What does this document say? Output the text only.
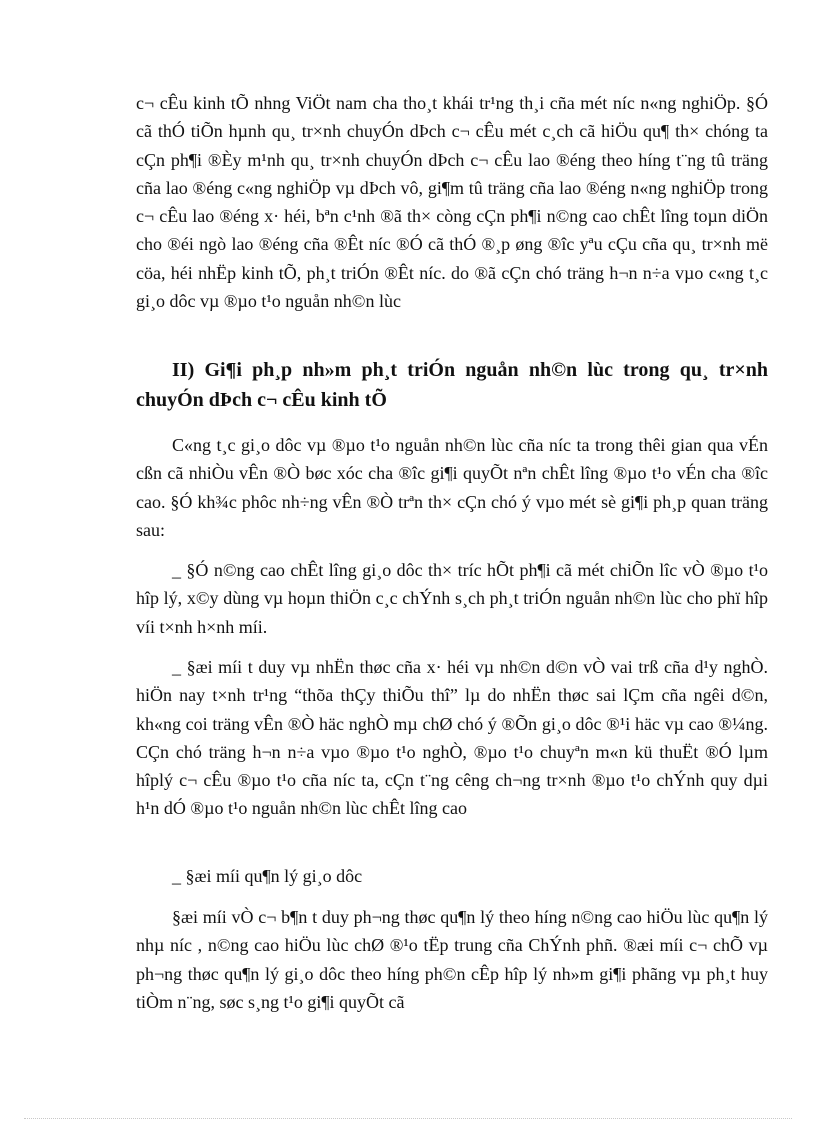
c¬ cÊu kinh tÕ nhng ViÖt nam cha tho¸t khái tr¹ng th¸i cña mét níc n«ng nghiÖp. §Ó cã thÓ tiÕn hµnh qu¸ tr×nh chuyÓn dÞch c¬ cÊu mét c¸ch cã hiÖu qu¶ th× chóng ta cÇn ph¶i ®Èy m¹nh qu¸ tr×nh chuyÓn dÞch c¬ cÊu lao ®éng theo híng t¨ng tû träng cña lao ®éng c«ng nghiÖp vµ dÞch vô, gi¶m tû träng cña lao ®éng n«ng nghiÖp trong c¬ cÊu lao ®éng x· héi, bªn c¹nh ®ã th× còng cÇn ph¶i n©ng cao chÊt lîng toµn diÖn cho ®éi ngò lao ®éng cña ®Êt níc ®Ó cã thÓ ®¸p øng ®îc yªu cÇu cña qu¸ tr×nh më cöa, héi nhËp kinh tÕ, ph¸t triÓn ®Êt níc. do ®ã cÇn chó träng h¬n n÷a vµo c«ng t¸c gi¸o dôc vµ ®µo t¹o nguån nh©n lùc

II) Gi¶i ph¸p nh»m ph¸t triÓn nguån nh©n lùc trong qu¸ tr×nh chuyÓn dÞch c¬ cÊu kinh tÕ

C«ng t¸c gi¸o dôc vµ ®µo t¹o nguån nh©n lùc cña níc ta trong thêi gian qua vÉn cßn cã nhiÒu vÊn ®Ò bøc xóc cha ®îc gi¶i quyÕt nªn chÊt lîng ®µo t¹o vÉn cha ®îc cao. §Ó kh¾c phôc nh÷ng vÊn ®Ò trªn th× cÇn chó ý vµo mét sè gi¶i ph¸p quan träng sau:

_ §Ó n©ng cao chÊt lîng gi¸o dôc th× tríc hÕt ph¶i cã mét chiÕn lîc vÒ ®µo t¹o hîp lý, x©y dùng vµ hoµn thiÖn c¸c chÝnh s¸ch ph¸t triÓn nguån nh©n lùc cho phï hîp víi t×nh h×nh míi.

_ §æi míi t duy vµ nhËn thøc cña x· héi vµ nh©n d©n vÒ vai trß cña d¹y nghÒ. hiÖn nay t×nh tr¹ng “thõa thÇy thiÕu thî” lµ do nhËn thøc sai lÇm cña ngêi d©n, kh«ng coi träng vÊn ®Ò häc nghÒ mµ chØ chó ý ®Õn gi¸o dôc ®¹i häc vµ cao ®¼ng. CÇn chó träng h¬n n÷a vµo ®µo t¹o nghÒ, ®µo t¹o chuyªn m«n kü thuËt ®Ó lµm hîplý c¬ cÊu ®µo t¹o cña níc ta, cÇn t¨ng cêng ch¬ng tr×nh ®µo t¹o chÝnh quy dµi h¹n dÓ ®µo t¹o nguån nh©n lùc chÊt lîng cao

_ §æi míi qu¶n lý gi¸o dôc

§æi míi vÒ c¬ b¶n t duy ph¬ng thøc qu¶n lý theo híng n©ng cao hiÖu lùc qu¶n lý nhµ níc , n©ng cao hiÖu lùc chØ ®¹o tËp trung cña ChÝnh phñ. ®æi míi c¬ chÕ vµ ph¬ng thøc qu¶n lý gi¸o dôc theo híng ph©n cÊp hîp lý nh»m gi¶i phãng vµ ph¸t huy tiÒm n¨ng, søc s¸ng t¹o gi¶i quyÕt cã
